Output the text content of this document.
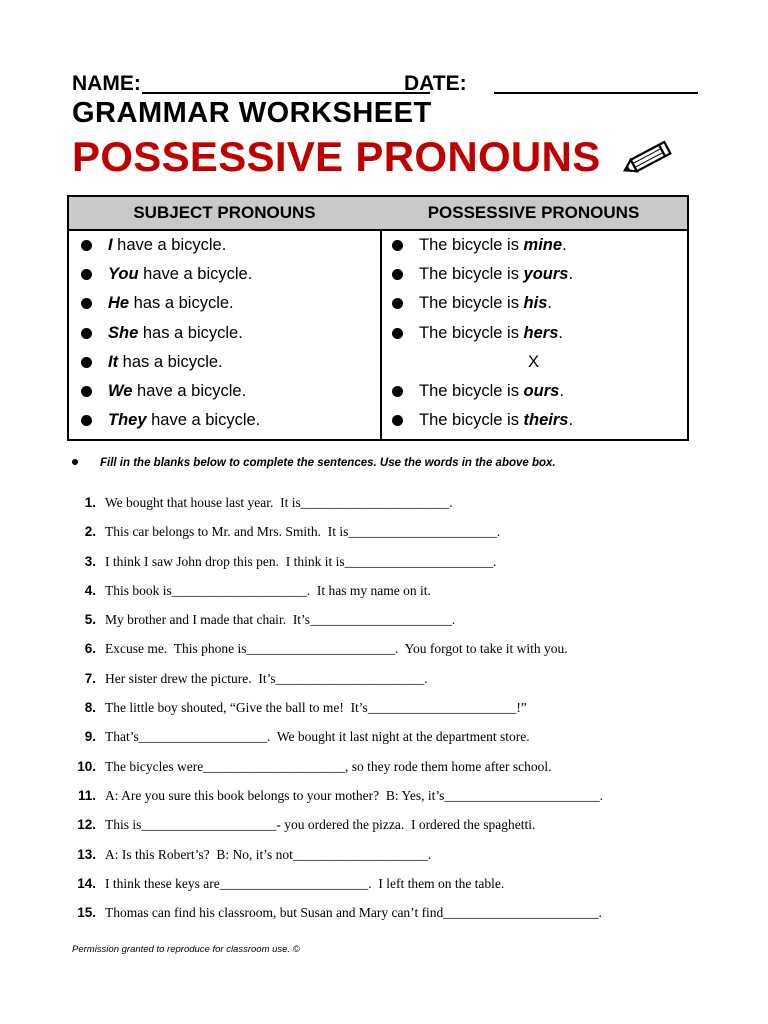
NAME:	DATE:
GRAMMAR WORKSHEET
POSSESSIVE PRONOUNS
SUBJECT PRONOUNS
I have a bicycle.
You have a bicycle.
He has a bicycle.
She has a bicycle.
It has a bicycle.
We have a bicycle.
They have a bicycle.
POSSESSIVE PRONOUNS
The bicycle is mine.
The bicycle is yours.
The bicycle is his.
The bicycle is hers.
X
The bicycle is ours.
The bicycle is theirs.
Fill in the blanks below to complete the sentences. Use the words in the above box.
1. We bought that house last year.  It is______________________.
2. This car belongs to Mr. and Mrs. Smith.  It is______________________.
3. I think I saw John drop this pen.  I think it is______________________.
4. This book is____________________.  It has my name on it.
5. My brother and I made that chair.  It’s_____________________.
6. Excuse me.  This phone is______________________.  You forgot to take it with you.
7. Her sister drew the picture.  It’s______________________.
8. The little boy shouted, “Give the ball to me!  It’s______________________!”
9. That’s___________________.  We bought it last night at the department store.
10. The bicycles were_____________________, so they rode them home after school.
11. A: Are you sure this book belongs to your mother?  B: Yes, it’s_______________________.
12. This is____________________- you ordered the pizza.  I ordered the spaghetti.
13. A: Is this Robert’s?  B: No, it’s not____________________.
14. I think these keys are______________________.  I left them on the table.
15. Thomas can find his classroom, but Susan and Mary can’t find_______________________.
Permission granted to reproduce for classroom use. ©
